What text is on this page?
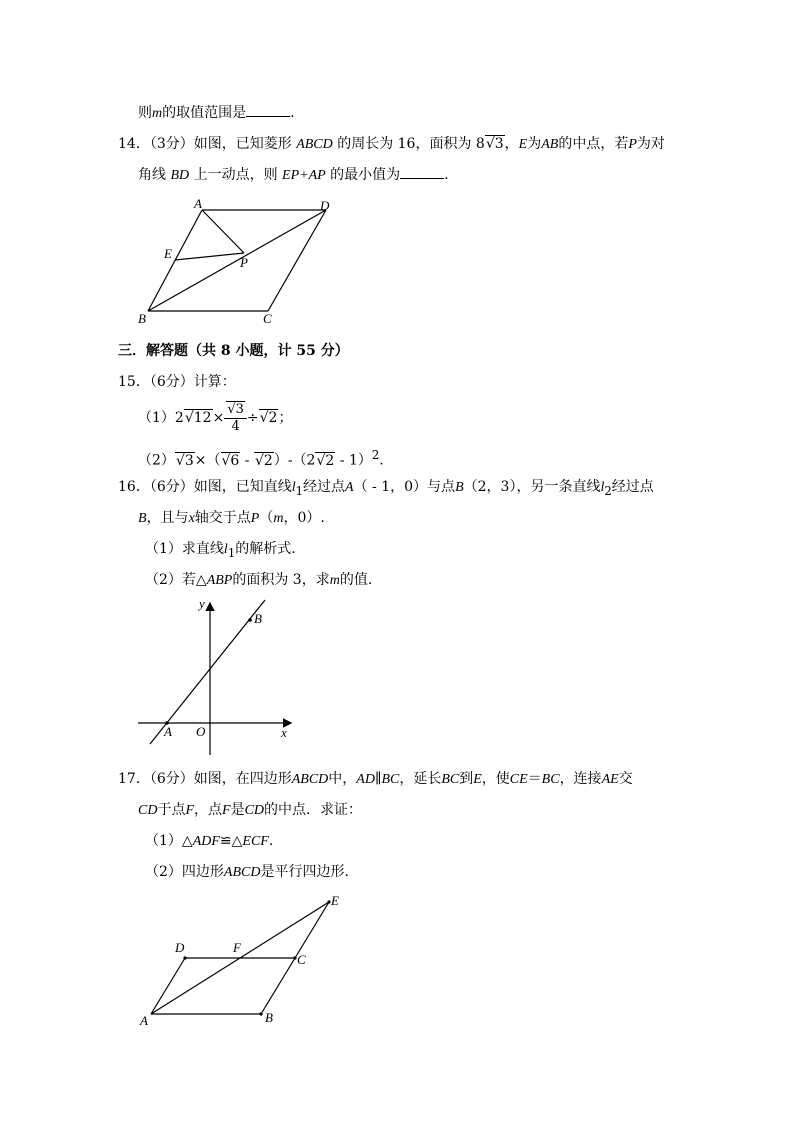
则m的取值范围是	.
14．（3分）如图，已知菱形 ABCD 的周长为 16，面积为 8√3，E为AB的中点，若P为对
角线 BD 上一动点，则 EP+AP 的最小值为	.
A	D
E
P
B	C
三．解答题（共 8 小题，计 55 分）
15．（6分）计算：
$(1)2√12\times \frac{√3}{4} \div√2$；
（2）√3×（√6 - √2）-（2√2 - 1）$^2$.
16．（6分）如图，已知直线$l_1$经过点A（ - 1，0）与点B（2，3），另一条直线$l_2$经过点
B，且与x轴交于点P（m，0）.
（1）求直线$l_1$的解析式.
（2）若△ABP的面积为 3，求m的值.
y
B
A O	x
17．（6分）如图，在四边形ABCD中，AD∥BC，延长BC到E，使CE＝BC，连接AE交
CD于点F，点F是CD的中点．求证：
（1）△ADF≌△ECF.
（2）四边形ABCD是平行四边形.
D	F
C
E
A	B
